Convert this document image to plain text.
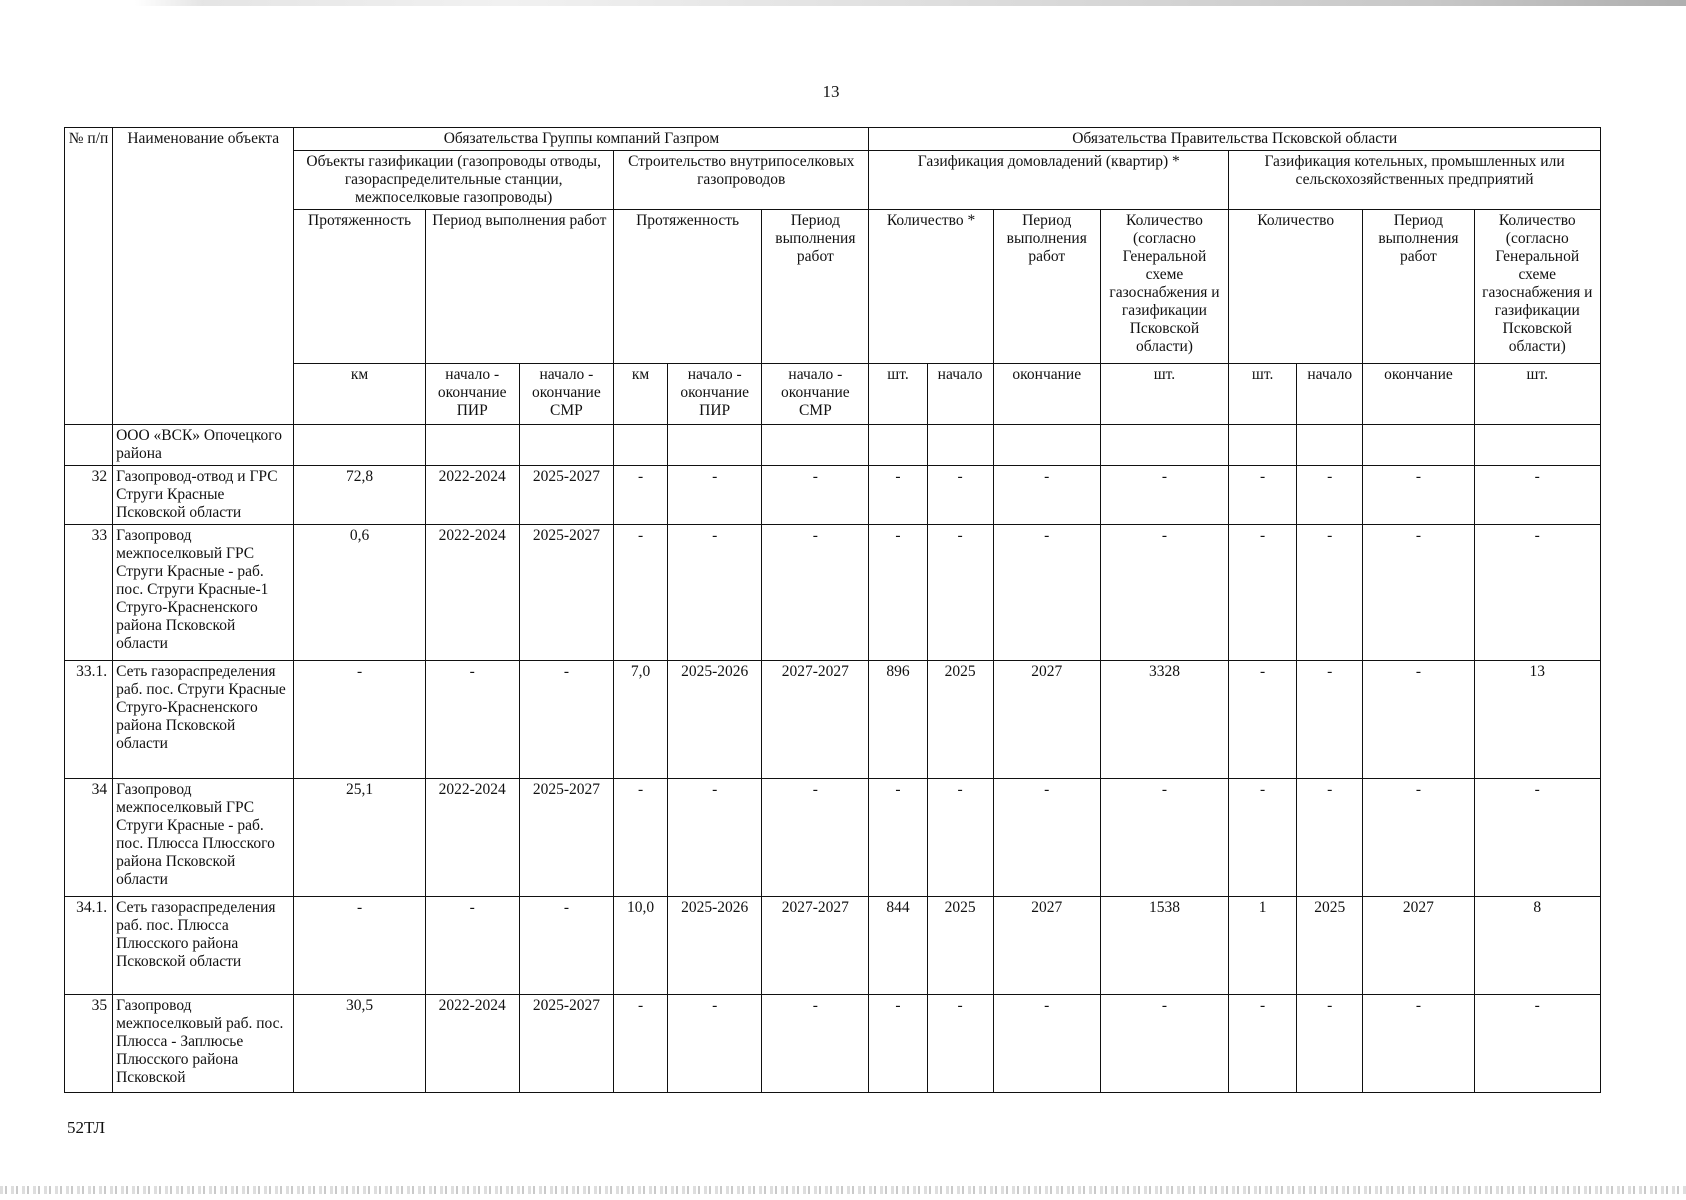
13
№ п/п	Наименование объекта	Обязательства Группы компаний Газпром						Обязательства Правительства Псковской области							
		Объекты газификации (газопроводы отводы, газораспределительные станции, межпоселковые газопроводы)			Строительство внутрипоселковых газопроводов			Газификация домовладений (квартир) *				Газификация котельных, промышленных или сельскохозяйственных предприятий			
		Протяженность	Период выполнения работ		Протяженность		Период выполнения работ	Количество *		Период выполнения работ	Количество (согласно Генеральной схеме газоснабжения и газификации Псковской области)	Количество		Период выполнения работ	Количество (согласно Генеральной схеме газоснабжения и газификации Псковской области)
		км	начало - окончание ПИР	начало - окончание СМР	км	начало - окончание ПИР	начало - окончание СМР	шт.	начало	окончание	шт.	шт.	начало	окончание	шт.
	ООО «ВСК» Опочецкого района														
32	Газопровод-отвод и ГРС Струги Красные Псковской области	72,8	2022-2024	2025-2027	-	-	-	-	-	-	-	-	-	-	-
33	Газопровод межпоселковый ГРС Струги Красные - раб. пос. Струги Красные-1 Струго-Красненского района Псковской области	0,6	2022-2024	2025-2027	-	-	-	-	-	-	-	-	-	-	-
33.1.	Сеть газораспределения раб. пос. Струги Красные Струго-Красненского района Псковской области	-	-	-	7,0	2025-2026	2027-2027	896	2025	2027	3328	-	-	-	13
34	Газопровод межпоселковый ГРС Струги Красные - раб. пос. Плюсса Плюсского района Псковской области	25,1	2022-2024	2025-2027	-	-	-	-	-	-	-	-	-	-	-
34.1.	Сеть газораспределения раб. пос. Плюсса Плюсского района Псковской области	-	-	-	10,0	2025-2026	2027-2027	844	2025	2027	1538	1	2025	2027	8
35	Газопровод межпоселковый раб. пос. Плюсса - Заплюсье Плюсского района Псковской	30,5	2022-2024	2025-2027	-	-	-	-	-	-	-	-	-	-	-
52ТЛ
